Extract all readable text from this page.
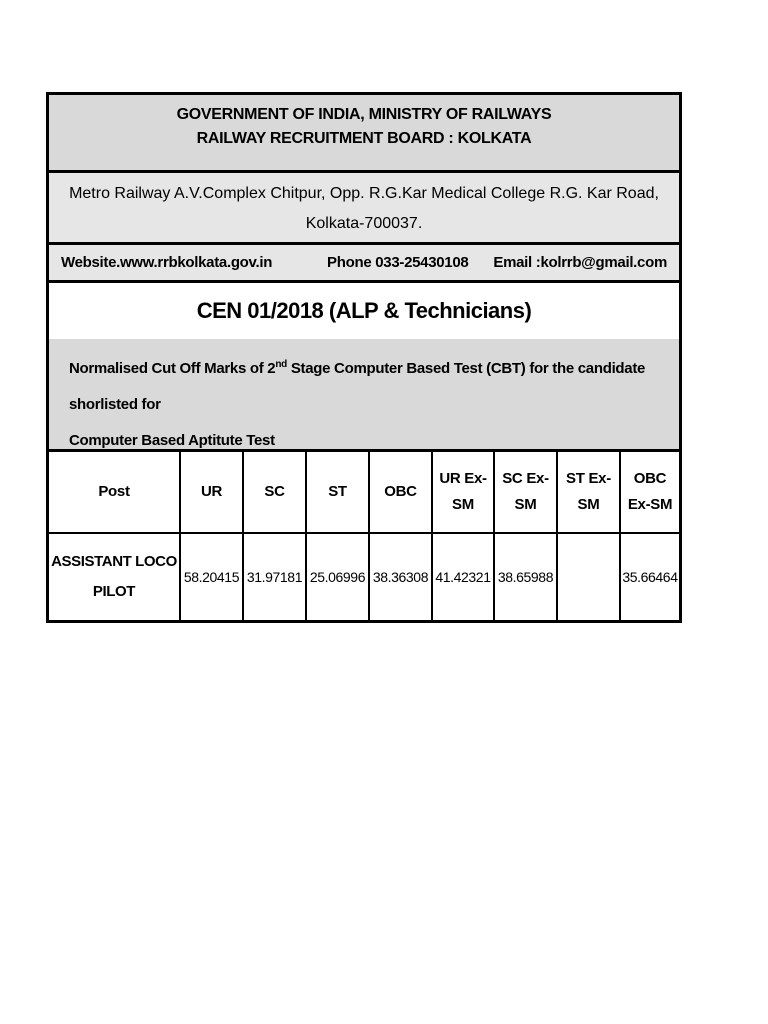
GOVERNMENT OF INDIA, MINISTRY OF RAILWAYS
RAILWAY RECRUITMENT BOARD : KOLKATA
Metro Railway A.V.Complex Chitpur, Opp. R.G.Kar Medical College R.G. Kar Road,
Kolkata-700037.
Website.www.rrbkolkata.gov.in	Phone 033-25430108 Email :kolrrb@gmail.com
CEN 01/2018 (ALP & Technicians)
Normalised Cut Off Marks of 2nd Stage Computer Based Test (CBT) for the candidate shorlisted for
Computer Based Aptitute Test
Post	UR	SC	ST	OBC	UR Ex-SM	SC Ex-SM	ST Ex-SM	OBC Ex-SM
ASSISTANT LOCO PILOT	58.20415	31.97181	25.06996	38.36308	41.42321	38.65988		35.66464
